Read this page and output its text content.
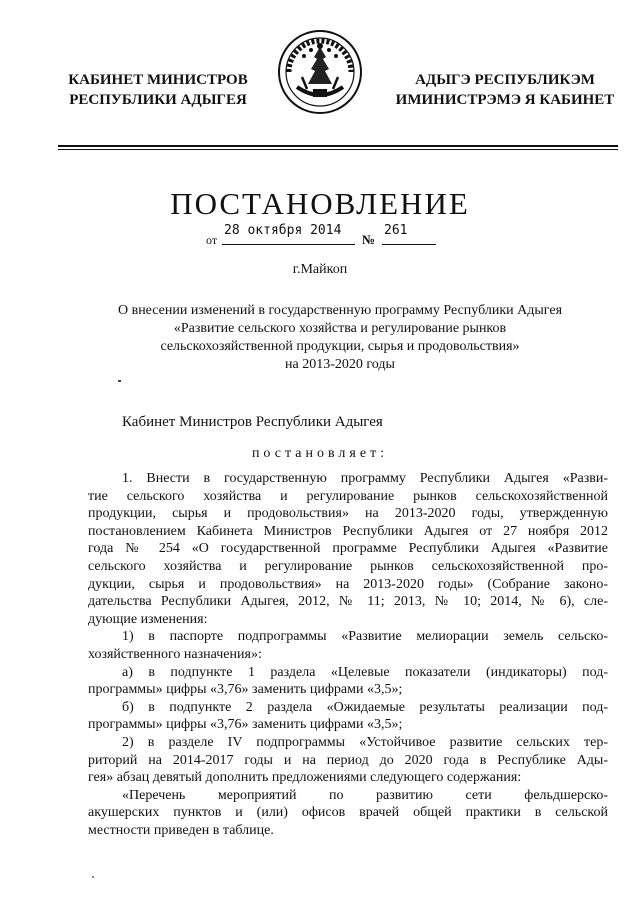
КАБИНЕТ МИНИСТРОВ
РЕСПУБЛИКИ АДЫГЕЯ
АДЫГЭ РЕСПУБЛИКЭМ
ИМИНИСТРЭМЭ Я КАБИНЕТ
ПОСТАНОВЛЕНИЕ
от
28 октября 2014
№
261
г.Майкоп
О внесении изменений в государственную программу Республики Адыгея
«Развитие сельского хозяйства и регулирование рынков
сельскохозяйственной продукции, сырья и продовольствия»
на 2013-2020 годы
Кабинет Министров Республики Адыгея
постановляет:
1. Внести в государственную программу Республики Адыгея «Разви-
тие сельского хозяйства и регулирование рынков сельскохозяйственной
продукции, сырья и продовольствия» на 2013-2020 годы, утвержденную
постановлением Кабинета Министров Республики Адыгея от 27 ноября 2012
года № 254 «О государственной программе Республики Адыгея «Развитие
сельского хозяйства и регулирование рынков сельскохозяйственной про-
дукции, сырья и продовольствия» на 2013-2020 годы» (Собрание законо-
дательства Республики Адыгея, 2012, № 11; 2013, № 10; 2014, № 6), сле-
дующие изменения:
1) в паспорте подпрограммы «Развитие мелиорации земель сельско-
хозяйственного назначения»:
а) в подпункте 1 раздела «Целевые показатели (индикаторы) под-
программы» цифры «3,76» заменить цифрами «3,5»;
б) в подпункте 2 раздела «Ожидаемые результаты реализации под-
программы» цифры «3,76» заменить цифрами «3,5»;
2) в разделе IV подпрограммы «Устойчивое развитие сельских тер-
риторий на 2014-2017 годы и на период до 2020 года в Республике Ады-
гея» абзац девятый дополнить предложениями следующего содержания:
«Перечень мероприятий по развитию сети фельдшерско-
акушерских пунктов и (или) офисов врачей общей практики в сельской
местности приведен в таблице.
